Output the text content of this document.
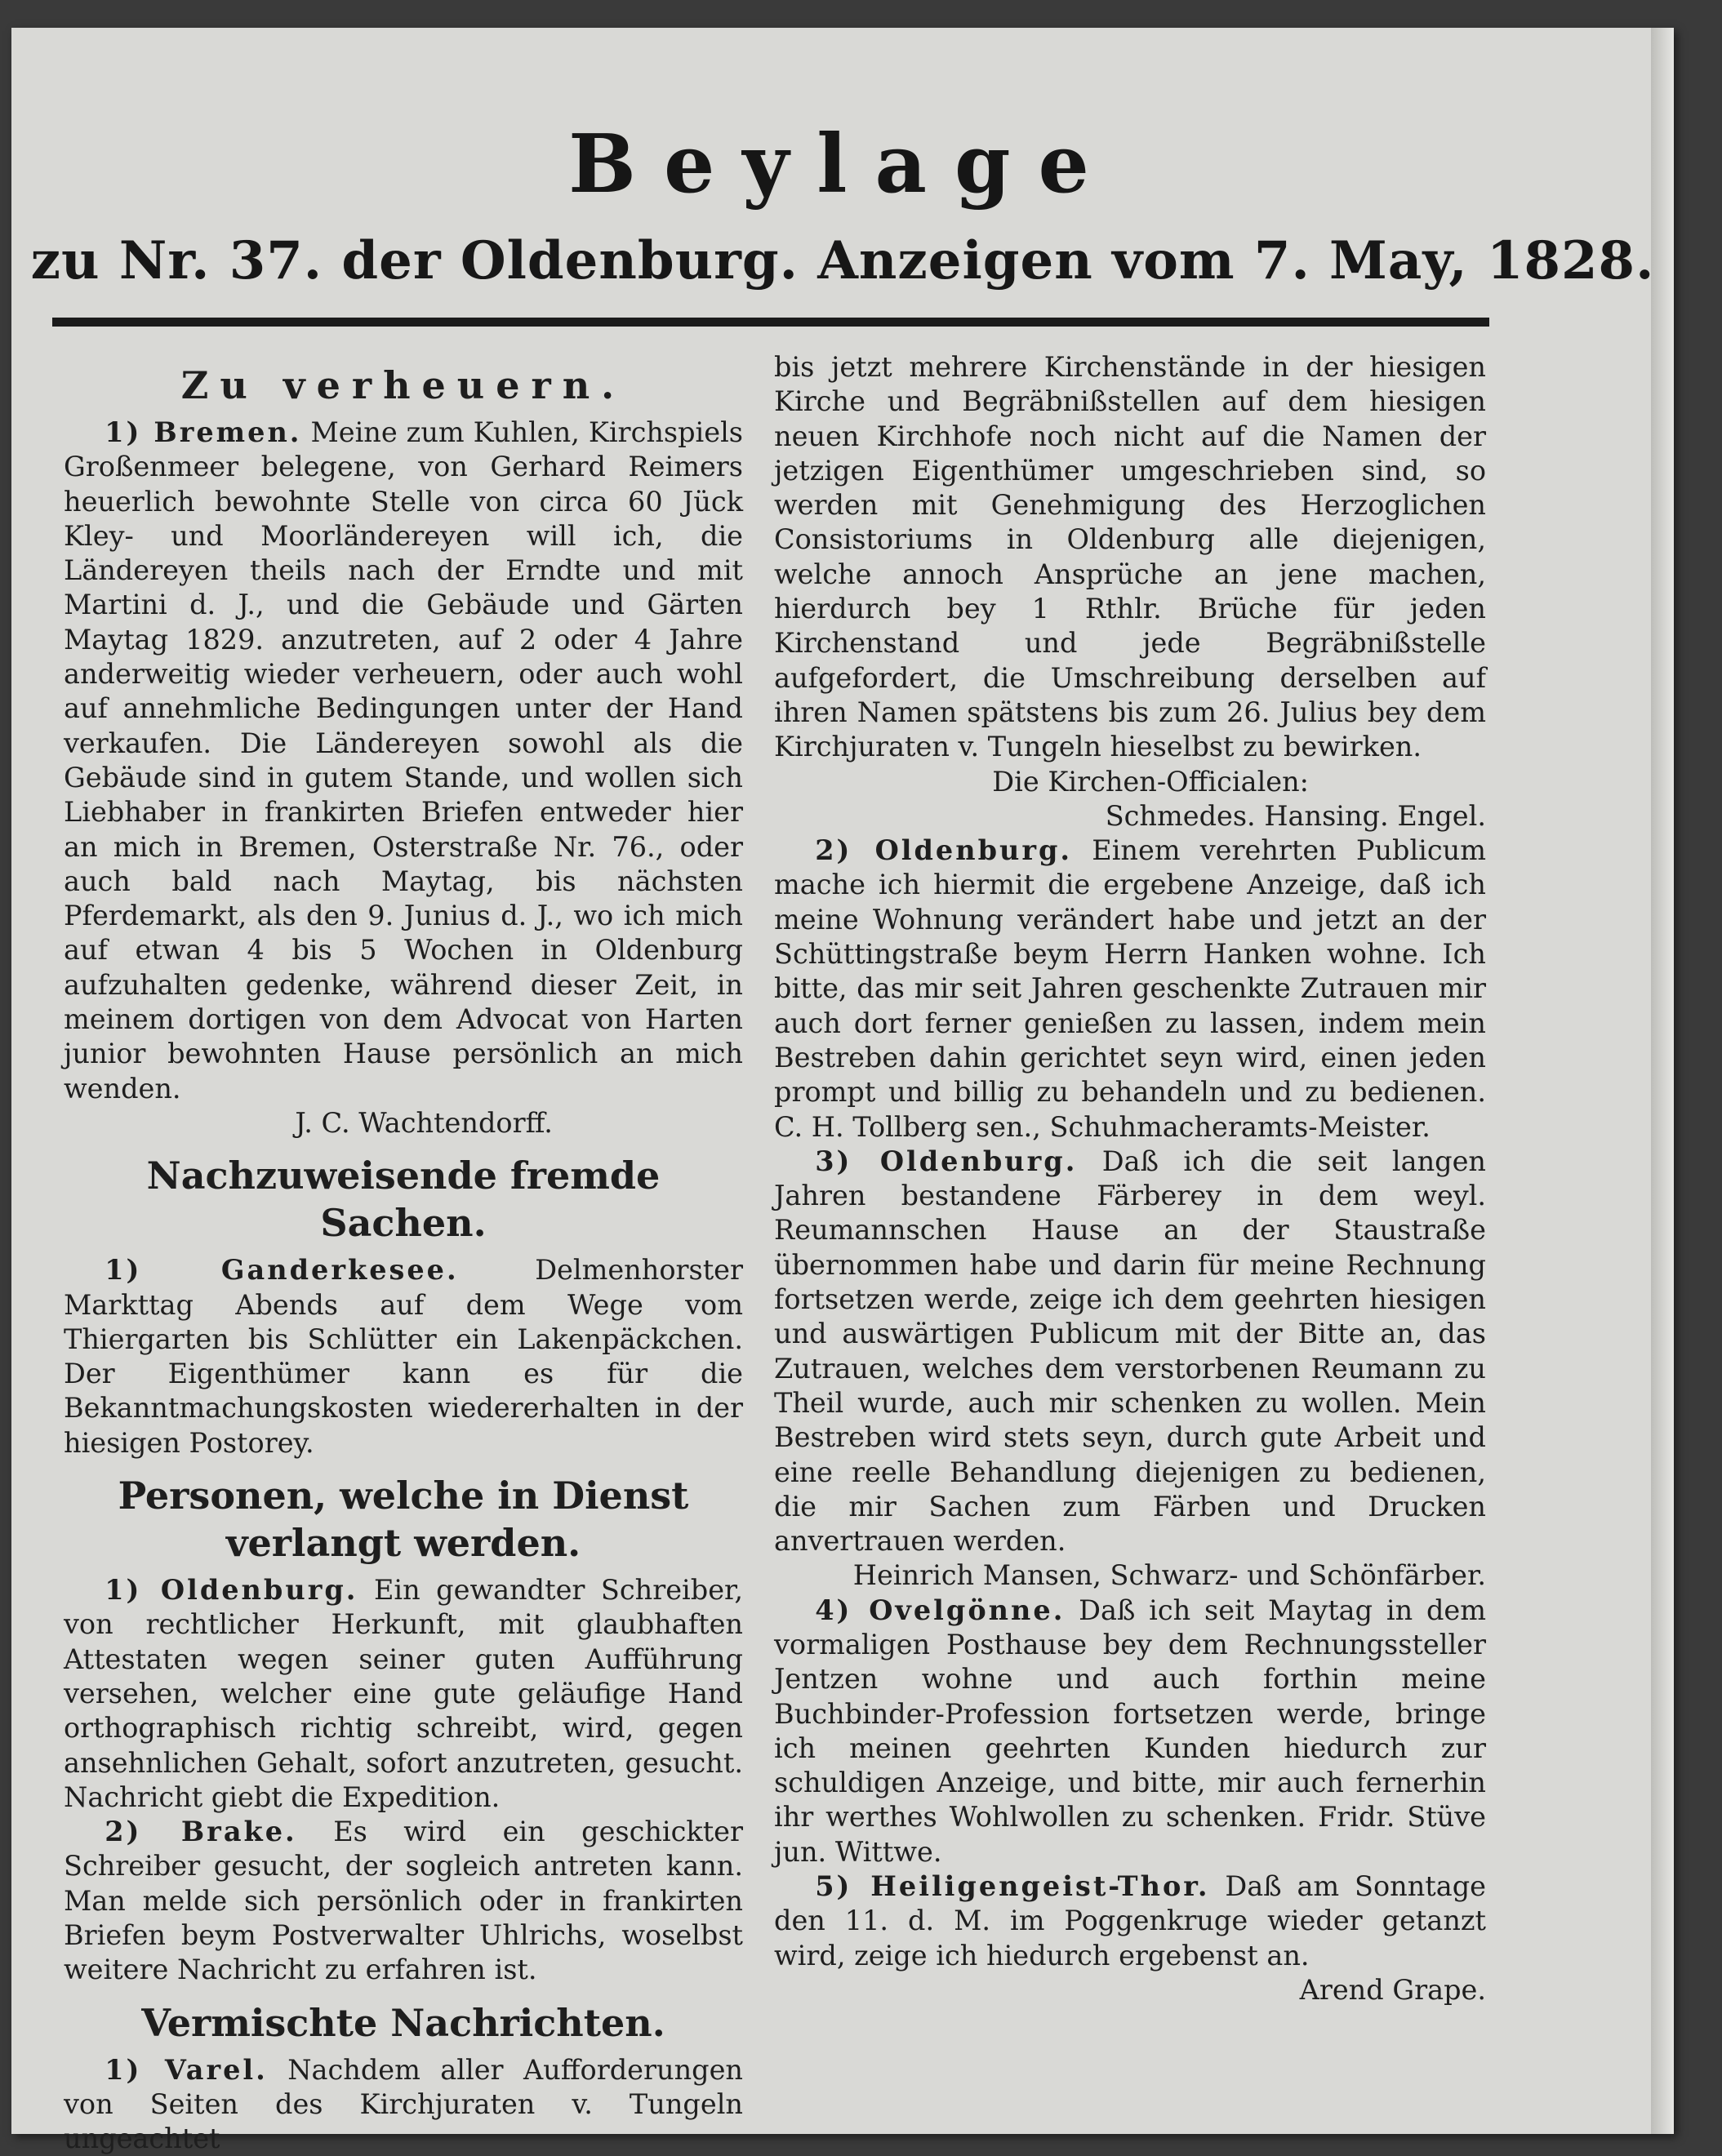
Beylage
zu Nr. 37. der Oldenburg. Anzeigen vom 7. May, 1828.
Zu verheuern.

1) Bremen. Meine zum Kuhlen, Kirchspiels Großenmeer belegene, von Gerhard Reimers heuerlich bewohnte Stelle von circa 60 Jück Kley- und Moorländereyen will ich, die Ländereyen theils nach der Erndte und mit Martini d. J., und die Gebäude und Gärten Maytag 1829. anzutreten, auf 2 oder 4 Jahre anderweitig wieder verheuern, oder auch wohl auf annehmliche Bedingungen unter der Hand verkaufen. Die Ländereyen sowohl als die Gebäude sind in gutem Stande, und wollen sich Liebhaber in frankirten Briefen entweder hier an mich in Bremen, Osterstraße Nr. 76., oder auch bald nach Maytag, bis nächsten Pferdemarkt, als den 9. Junius d. J., wo ich mich auf etwan 4 bis 5 Wochen in Oldenburg aufzuhalten gedenke, während dieser Zeit, in meinem dortigen von dem Advocat von Harten junior bewohnten Hause persönlich an mich wenden.

J. C. Wachtendorff.

Nachzuweisende fremde Sachen.

1) Ganderkesee.	Delmenhorster Markttag Abends auf dem Wege vom Thiergarten bis Schlütter ein Lakenpäckchen. Der Eigenthümer kann es für die Bekanntmachungskosten wiedererhalten in der hiesigen Postorey.

Personen, welche in Dienst verlangt werden.

1) Oldenburg. Ein gewandter Schreiber, von rechtlicher Herkunft, mit glaubhaften Attestaten wegen seiner guten Aufführung versehen, welcher eine gute geläufige Hand orthographisch richtig schreibt, wird, gegen ansehnlichen Gehalt, sofort anzutreten, gesucht. Nachricht giebt die Expedition.

2) Brake. Es wird ein geschickter Schreiber gesucht, der sogleich antreten kann. Man melde sich persönlich oder in frankirten Briefen beym Postverwalter Uhlrichs, woselbst weitere Nachricht zu erfahren ist.

Vermischte Nachrichten.

1) Varel. Nachdem aller Aufforderungen von Seiten des Kirchjuraten v. Tungeln ungeachtet

bis jetzt mehrere Kirchenstände in der hiesigen Kirche und Begräbnißstellen auf dem hiesigen neuen Kirchhofe noch nicht auf die Namen der jetzigen Eigenthümer umgeschrieben sind, so werden mit Genehmigung des Herzoglichen Consistoriums in Oldenburg alle diejenigen, welche annoch Ansprüche an jene machen, hierdurch bey 1 Rthlr. Brüche für jeden Kirchenstand und jede Begräbnißstelle aufgefordert, die Umschreibung derselben auf ihren Namen spätstens bis zum 26. Julius bey dem Kirchjuraten v. Tungeln hieselbst zu bewirken.

Die Kirchen-Officialen:

Schmedes. Hansing. Engel.

2) Oldenburg. Einem verehrten Publicum mache ich hiermit die ergebene Anzeige, daß ich meine Wohnung verändert habe und jetzt an der Schüttingstraße beym Herrn Hanken wohne. Ich bitte, das mir seit Jahren geschenkte Zutrauen mir auch dort ferner genießen zu lassen, indem mein Bestreben dahin gerichtet seyn wird, einen jeden prompt und billig zu behandeln und zu bedienen. C. H. Tollberg sen., Schuhmacheramts-Meister.

3) Oldenburg. Daß ich die seit langen Jahren bestandene Färberey in dem weyl. Reumannschen Hause an der Staustraße übernommen habe und darin für meine Rechnung fortsetzen werde, zeige ich dem geehrten hiesigen und auswärtigen Publicum mit der Bitte an, das Zutrauen, welches dem verstorbenen Reumann zu Theil wurde, auch mir schenken zu wollen. Mein Bestreben wird stets seyn, durch gute Arbeit und eine reelle Behandlung diejenigen zu bedienen, die mir Sachen zum Färben und Drucken anvertrauen werden.

Heinrich Mansen, Schwarz- und Schönfärber.

4) Ovelgönne. Daß ich seit Maytag in dem vormaligen Posthause bey dem Rechnungssteller Jentzen wohne und auch forthin meine Buchbinder-Profession fortsetzen werde, bringe ich meinen geehrten Kunden hiedurch zur schuldigen Anzeige, und bitte, mir auch fernerhin ihr werthes Wohlwollen zu schenken. Fridr. Stüve jun. Wittwe.

5) Heiligengeist-Thor. Daß am Sonntage den 11. d. M. im Poggenkruge wieder getanzt wird, zeige ich hiedurch ergebenst an.

Arend Grape.
